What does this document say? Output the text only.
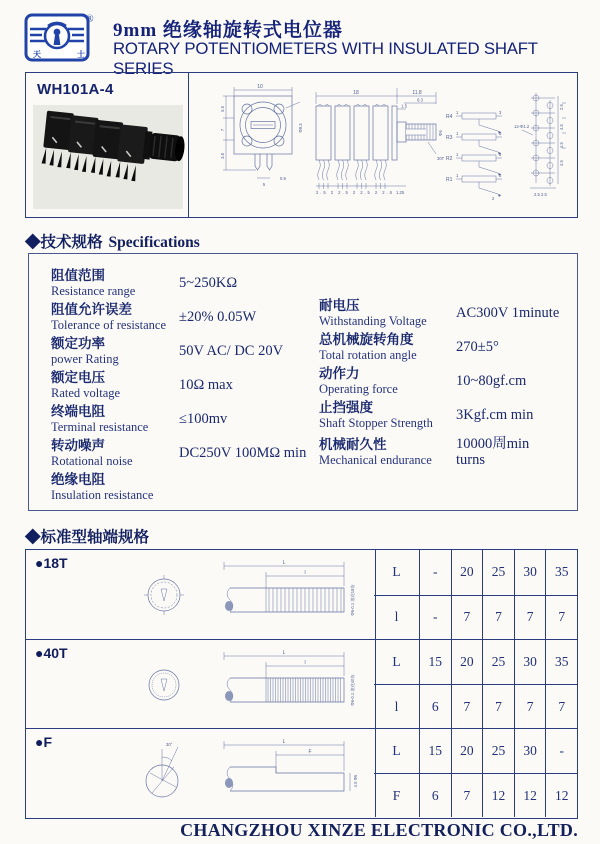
天	士
®
9mm 绝缘轴旋转式电位器
ROTARY POTENTIOMETERS WITH INSULATED SHAFT SERIES
WH101A-4	10
5.5
7
3.8
Φ9.3
5
0.9
18	11.8
8.3
1.5
Φ6
30T
2.5 2 2.5 2 2.5 2 2.5 1.25
R4
R3
R2
R1
1	3
1	3
1	3
1	3
2
12-Φ1.2
2.5
4.5
4.5
4.5
2.5 2.5
◆技术规格 Specifications
阻值范围
Resistance range	5~250KΩ
阻值允许误差
Tolerance of resistance ±20% 0.05W
额定功率
power Rating	50V AC/ DC 20V
额定电压
Rated voltage	10Ω max
终端电阻
Terminal resistance	≤100mv
转动噪声
Rotational noise	DC250V 100MΩ min
绝缘电阻
Insulation resistance
耐电压
Withstanding Voltage	AC300V 1minute
总机械旋转角度
Total rotation angle	270±5°
动作力
Operating force	10~80gf.cm
止挡强度
Shaft Stopper Strength	3Kgf.cm min
机械耐久性
Mechanical endurance
10000周min
turns
◆标准型轴端规格
●18T	L
l
Φ6-0.1 滚花18齿
L	-	20	25	30	35
l	-	7	7	7	7
●40T	L
l
Φ6-0.1 滚花40齿
L	15	20	25	30	35
l	6	7	7	7	7
●F	30°	L
F
4.5 Φ6
L	15	20	25	30	-
F	6	7	12	12	12
CHANGZHOU XINZE ELECTRONIC CO.,LTD.
